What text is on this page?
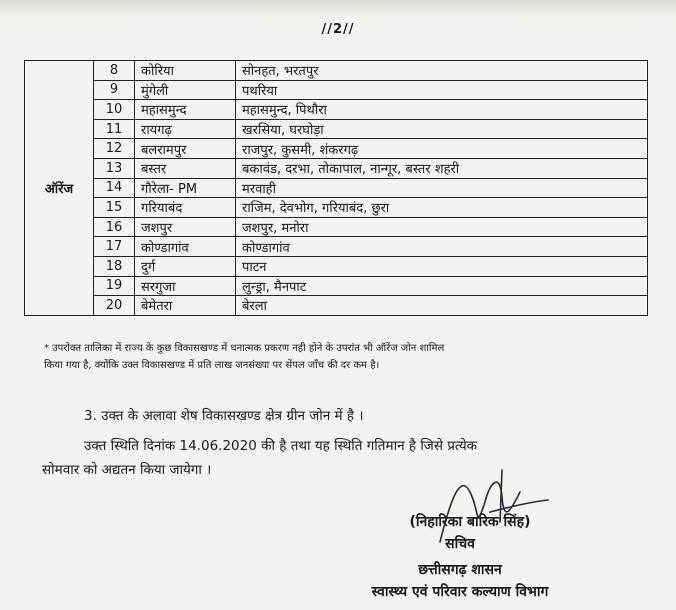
//2//
ऑरेंज	8	कोरिया	सोनहत, भरतपुर
	9	मुंगेली	पथरिया
	10	महासमुन्द	महासमुन्द, पिथौरा
	11	रायगढ़	खरसिया, घरघोड़ा
	12	बलरामपुर	राजपुर, कुसमी, शंकरगढ़
	13	बस्तर	बकावंड, दरभा, तोकापाल, नान्गूर, बस्तर शहरी
	14	गौरेला- PM	मरवाही
	15	गरियाबंद	राजिम, देवभोग, गरियाबंद, छुरा
	16	जशपुर	जशपुर, मनोरा
	17	कोण्डागांव	कोण्डागांव
	18	दुर्ग	पाटन
	19	सरगुजा	लुन्ड्रा, मैनपाट
	20	बेमेतरा	बेरला
* उपरोक्त तालिका में राज्य के कुछ विकासखण्ड में धनात्मक प्रकरण नही होने के उपरांत भी ऑरेंज जोन शामिल
किया गया है, क्योंकि उक्त विकासखण्ड में प्रति लाख जनसंख्या पर सेंपल जाँच की दर कम है।
3. उक्त के अलावा शेष विकासखण्ड क्षेत्र ग्रीन जोन में है ।
उक्त स्थिति दिनांक 14.06.2020 की है तथा यह स्थिति गतिमान है जिसे प्रत्येक
सोमवार को अद्यतन किया जायेगा ।
(निहारिका बारिक सिंह)
सचिव
छत्तीसगढ़ शासन
स्वास्थ्य एवं परिवार कल्याण विभाग
